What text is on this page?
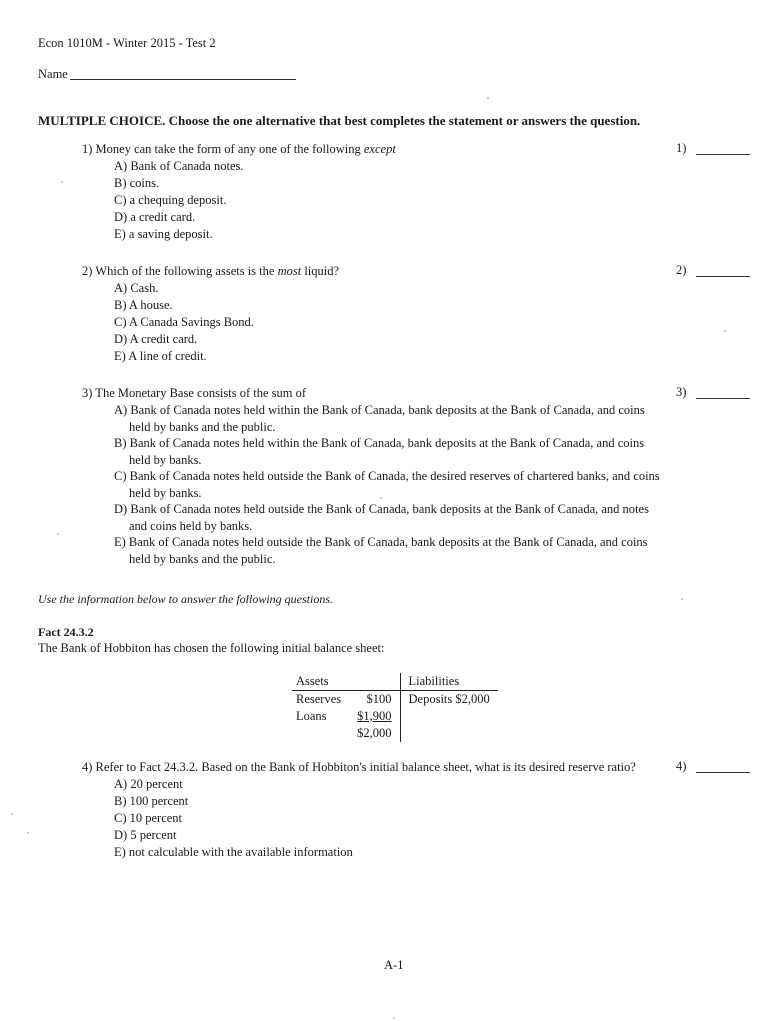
Econ 1010M - Winter 2015 - Test 2
Name
MULTIPLE CHOICE. Choose the one alternative that best completes the statement or answers the question.
1) Money can take the form of any one of the following except
A) Bank of Canada notes.
B) coins.
C) a chequing deposit.
D) a credit card.
E) a saving deposit.
1)
2) Which of the following assets is the most liquid?
A) Cash.
B) A house.
C) A Canada Savings Bond.
D) A credit card.
E) A line of credit.
2)
3) The Monetary Base consists of the sum of
A) Bank of Canada notes held within the Bank of Canada, bank deposits at the Bank of Canada, and coins held by banks and the public.
B) Bank of Canada notes held within the Bank of Canada, bank deposits at the Bank of Canada, and coins held by banks.
C) Bank of Canada notes held outside the Bank of Canada, the desired reserves of chartered banks, and coins held by banks.
D) Bank of Canada notes held outside the Bank of Canada, bank deposits at the Bank of Canada, and notes and coins held by banks.
E) Bank of Canada notes held outside the Bank of Canada, bank deposits at the Bank of Canada, and coins held by banks and the public.
3)
Use the information below to answer the following questions.
Fact 24.3.2
The Bank of Hobbiton has chosen the following initial balance sheet:
Assets		Liabilities
Reserves	$100	Deposits $2,000
Loans	$1,900	
	$2,000	
4) Refer to Fact 24.3.2. Based on the Bank of Hobbiton's initial balance sheet, what is its desired reserve ratio?
A) 20 percent
B) 100 percent
C) 10 percent
D) 5 percent
E) not calculable with the available information
4)
A-1
